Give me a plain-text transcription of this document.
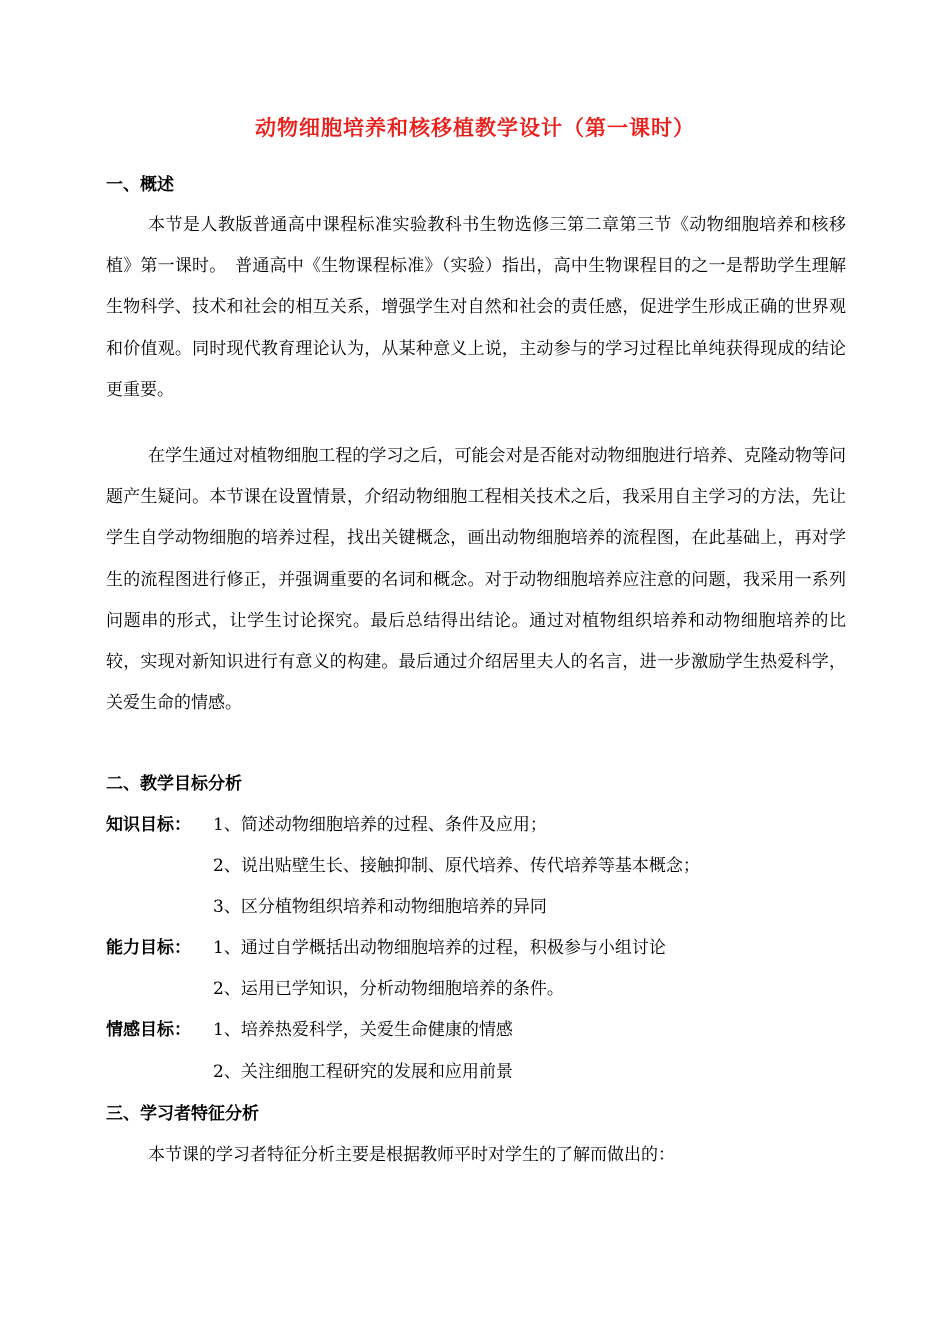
动物细胞培养和核移植教学设计（第一课时）
一、概述

本节是人教版普通高中课程标准实验教科书生物选修三第二章第三节《动物细胞培养和核移植》第一课时。　普通高中《生物课程标准》（实验）指出，高中生物课程目的之一是帮助学生理解生物科学、技术和社会的相互关系，增强学生对自然和社会的责任感，促进学生形成正确的世界观和价值观。同时现代教育理论认为，从某种意义上说，主动参与的学习过程比单纯获得现成的结论更重要。

在学生通过对植物细胞工程的学习之后，可能会对是否能对动物细胞进行培养、克隆动物等问题产生疑问。本节课在设置情景，介绍动物细胞工程相关技术之后，我采用自主学习的方法，先让学生自学动物细胞的培养过程，找出关键概念，画出动物细胞培养的流程图，在此基础上，再对学生的流程图进行修正，并强调重要的名词和概念。对于动物细胞培养应注意的问题，我采用一系列问题串的形式，让学生讨论探究。最后总结得出结论。通过对植物组织培养和动物细胞培养的比较，实现对新知识进行有意义的构建。最后通过介绍居里夫人的名言，进一步激励学生热爱科学，关爱生命的情感。

二、教学目标分析
知识目标： 1、简述动物细胞培养的过程、条件及应用；
2、说出贴壁生长、接触抑制、原代培养、传代培养等基本概念；
3、区分植物组织培养和动物细胞培养的异同
能力目标： 1、通过自学概括出动物细胞培养的过程，积极参与小组讨论
2、运用已学知识，分析动物细胞培养的条件。
情感目标： 1、培养热爱科学，关爱生命健康的情感
2、关注细胞工程研究的发展和应用前景
三、学习者特征分析
本节课的学习者特征分析主要是根据教师平时对学生的了解而做出的：
